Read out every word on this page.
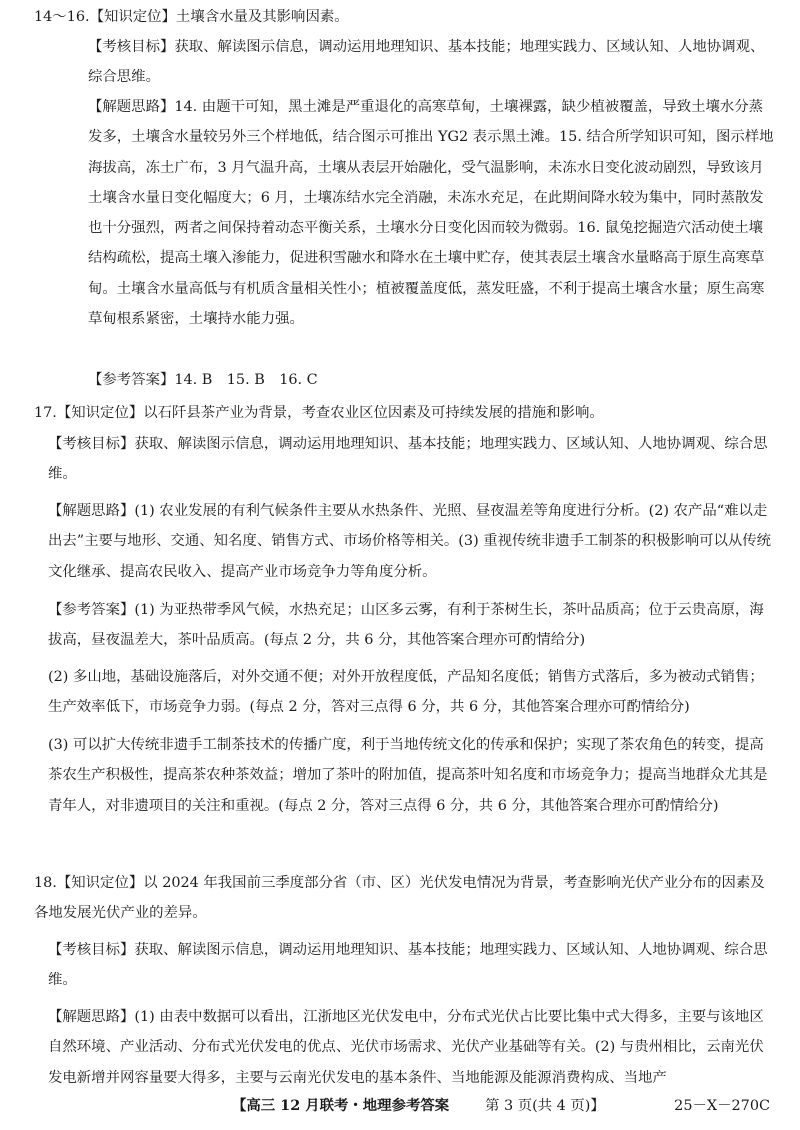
14～16.【知识定位】土壤含水量及其影响因素。

【考核目标】获取、解读图示信息，调动运用地理知识、基本技能；地理实践力、区域认知、人地协调观、综合思维。

【解题思路】14. 由题干可知，黑土滩是严重退化的高寒草甸，土壤裸露，缺少植被覆盖，导致土壤水分蒸发多，土壤含水量较另外三个样地低，结合图示可推出 YG2 表示黑土滩。15. 结合所学知识可知，图示样地海拔高，冻土广布，3 月气温升高，土壤从表层开始融化，受气温影响，未冻水日变化波动剧烈，导致该月土壤含水量日变化幅度大；6 月，土壤冻结水完全消融，未冻水充足，在此期间降水较为集中，同时蒸散发也十分强烈，两者之间保持着动态平衡关系，土壤水分日变化因而较为微弱。16. 鼠兔挖掘造穴活动使土壤结构疏松，提高土壤入渗能力，促进积雪融水和降水在土壤中贮存，使其表层土壤含水量略高于原生高寒草甸。土壤含水量高低与有机质含量相关性小；植被覆盖度低，蒸发旺盛，不利于提高土壤含水量；原生高寒草甸根系紧密，土壤持水能力强。

【参考答案】14. B　15. B　16. C

17.【知识定位】以石阡县茶产业为背景，考查农业区位因素及可持续发展的措施和影响。

【考核目标】获取、解读图示信息，调动运用地理知识、基本技能；地理实践力、区域认知、人地协调观、综合思维。

【解题思路】(1) 农业发展的有利气候条件主要从水热条件、光照、昼夜温差等角度进行分析。(2) 农产品“难以走出去”主要与地形、交通、知名度、销售方式、市场价格等相关。(3) 重视传统非遗手工制茶的积极影响可以从传统文化继承、提高农民收入、提高产业市场竞争力等角度分析。

【参考答案】(1) 为亚热带季风气候，水热充足；山区多云雾，有利于茶树生长，茶叶品质高；位于云贵高原，海拔高，昼夜温差大，茶叶品质高。(每点 2 分，共 6 分，其他答案合理亦可酌情给分)

(2) 多山地，基础设施落后，对外交通不便；对外开放程度低，产品知名度低；销售方式落后，多为被动式销售；生产效率低下，市场竞争力弱。(每点 2 分，答对三点得 6 分，共 6 分，其他答案合理亦可酌情给分)

(3) 可以扩大传统非遗手工制茶技术的传播广度，利于当地传统文化的传承和保护；实现了茶农角色的转变，提高茶农生产积极性，提高茶农种茶效益；增加了茶叶的附加值，提高茶叶知名度和市场竞争力；提高当地群众尤其是青年人，对非遗项目的关注和重视。(每点 2 分，答对三点得 6 分，共 6 分，其他答案合理亦可酌情给分)

18.【知识定位】以 2024 年我国前三季度部分省（市、区）光伏发电情况为背景，考查影响光伏产业分布的因素及各地发展光伏产业的差异。

【考核目标】获取、解读图示信息，调动运用地理知识、基本技能；地理实践力、区域认知、人地协调观、综合思维。

【解题思路】(1) 由表中数据可以看出，江浙地区光伏发电中，分布式光伏占比要比集中式大得多，主要与该地区自然环境、产业活动、分布式光伏发电的优点、光伏市场需求、光伏产业基础等有关。(2) 与贵州相比，云南光伏发电新增并网容量要大得多，主要与云南光伏发电的基本条件、当地能源及能源消费构成、当地产

【高三 12 月联考・地理参考答案　 第 3 页(共 4 页)】	25－X－270C
